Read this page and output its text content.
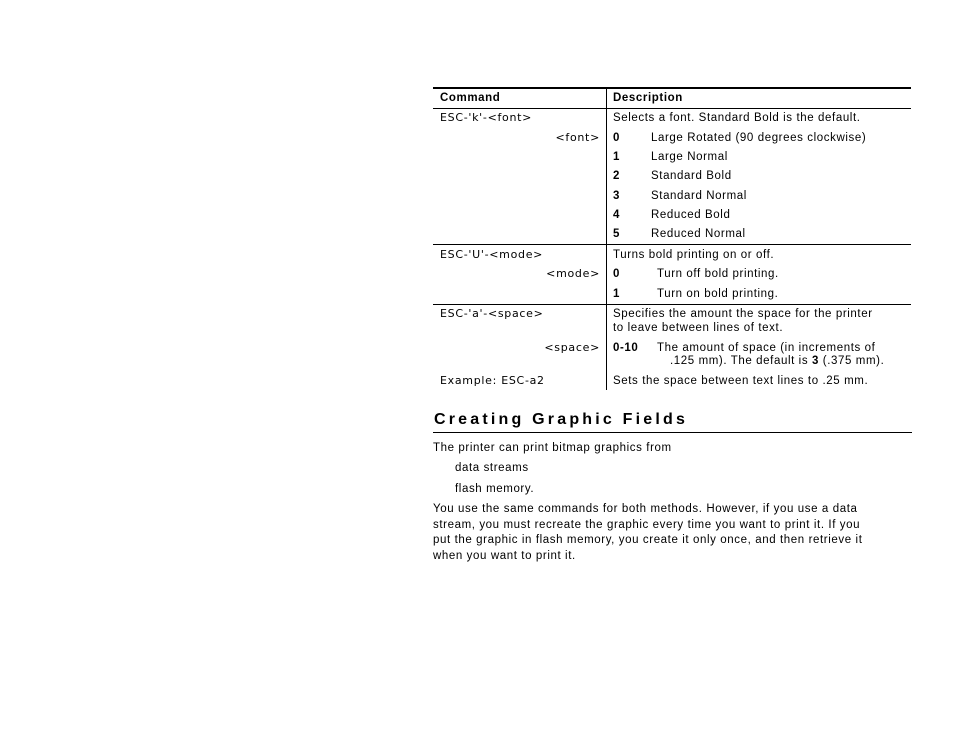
Command	Description
ESC-'k'-<font>	Selects a font. Standard Bold is the default.
<font> 0	Large Rotated (90 degrees clockwise)
1	Large Normal
2	Standard Bold
3	Standard Normal
4	Reduced Bold
5	Reduced Normal
ESC-'U'-<mode>	Turns bold printing on or off.
<mode> 0	Turn off bold printing.
1	Turn on bold printing.
ESC-'a'-<space>	Specifies the amount the space for the printer
to leave between lines of text.
<space> 0-10 The amount of space (in increments of
.125 mm). The default is 3 (.375 mm).
Example: ESC-a2	Sets the space between text lines to .25 mm.
Creating Graphic Fields
The printer can print bitmap graphics from
data streams
flash memory.
You use the same commands for both methods. However, if you use a data
stream, you must recreate the graphic every time you want to print it. If you
put the graphic in flash memory, you create it only once, and then retrieve it
when you want to print it.
